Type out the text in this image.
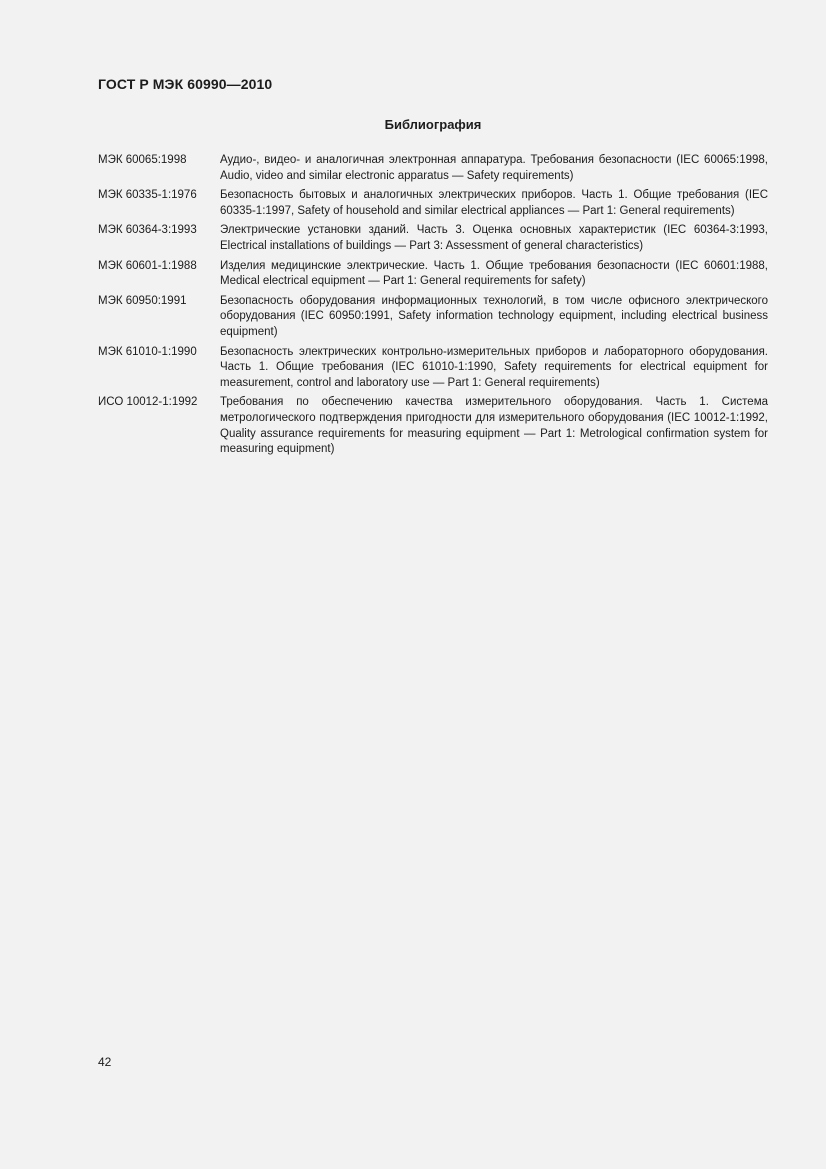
ГОСТ Р МЭК 60990—2010
Библиография
МЭК 60065:1998	Аудио-, видео- и аналогичная электронная аппаратура. Требования безопасности (IEC 60065:1998, Audio, video and similar electronic apparatus — Safety requirements)
МЭК 60335-1:1976	Безопасность бытовых и аналогичных электрических приборов. Часть 1. Общие требования (IEC 60335-1:1997, Safety of household and similar electrical appliances — Part 1: General requirements)
МЭК 60364-3:1993	Электрические установки зданий. Часть 3. Оценка основных характеристик (IEC 60364-3:1993, Electrical installations of buildings — Part 3: Assessment of general characteristics)
МЭК 60601-1:1988	Изделия медицинские электрические. Часть 1. Общие требования безопасности (IEC 60601:1988, Medical electrical equipment — Part 1: General requirements for safety)
МЭК 60950:1991	Безопасность оборудования информационных технологий, в том числе офисного электрического оборудования (IEC 60950:1991, Safety information technology equipment, including electrical business equipment)
МЭК 61010-1:1990	Безопасность электрических контрольно-измерительных приборов и лабораторного оборудования. Часть 1. Общие требования (IEC 61010-1:1990, Safety requirements for electrical equipment for measurement, control and laboratory use — Part 1: General requirements)
ИСО 10012-1:1992	Требования по обеспечению качества измерительного оборудования. Часть 1. Система метрологического подтверждения пригодности для измерительного оборудования (IEC 10012-1:1992, Quality assurance requirements for measuring equipment — Part 1: Metrological confirmation system for measuring equipment)
42
